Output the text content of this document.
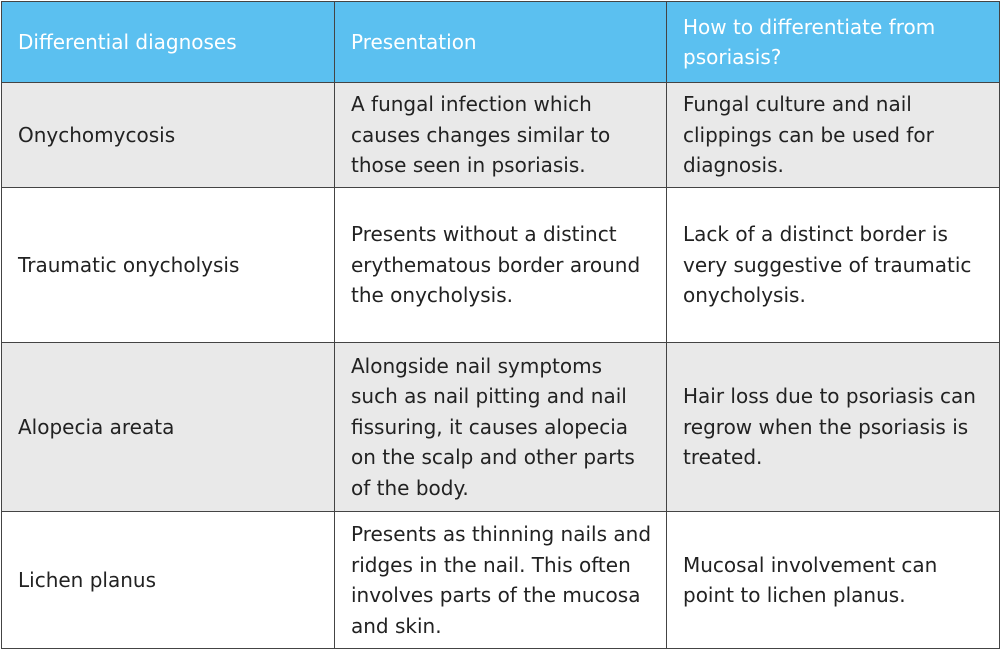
Differential diagnoses	Presentation	How to differentiate from psoriasis?
Onychomycosis	A fungal infection which causes changes similar to those seen in psoriasis.	Fungal culture and nail clippings can be used for diagnosis.
Traumatic onycholysis	Presents without a distinct erythematous border around the onycholysis.	Lack of a distinct border is very suggestive of traumatic onycholysis.
Alopecia areata	Alongside nail symptoms such as nail pitting and nail fissuring, it causes alopecia on the scalp and other parts of the body.	Hair loss due to psoriasis can regrow when the psoriasis is treated.
Lichen planus	Presents as thinning nails and ridges in the nail. This often involves parts of the mucosa and skin.	Mucosal involvement can point to lichen planus.
